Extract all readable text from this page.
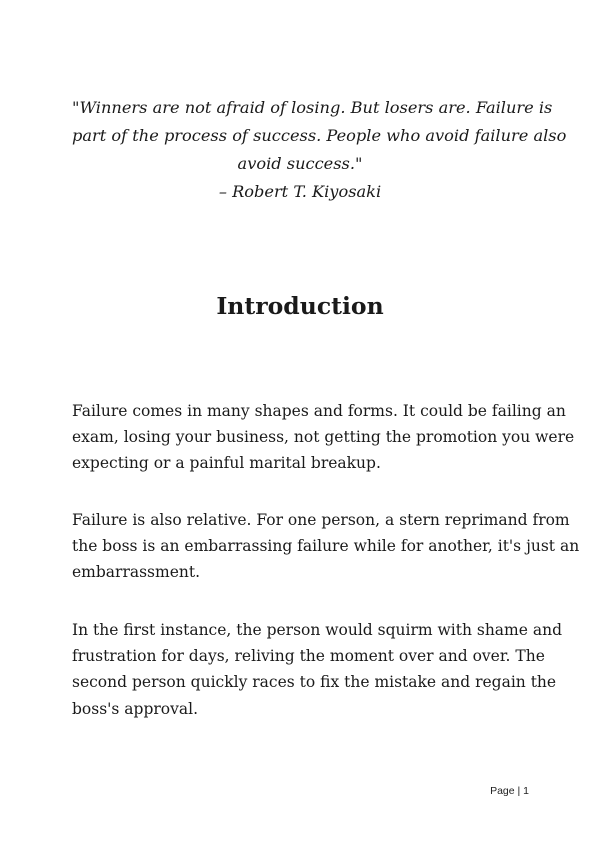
"Winners are not afraid of losing. But losers are. Failure is
part of the process of success. People who avoid failure also
avoid success."
– Robert T. Kiyosaki
Introduction
Failure comes in many shapes and forms. It could be failing an
exam, losing your business, not getting the promotion you were
expecting or a painful marital breakup.
Failure is also relative. For one person, a stern reprimand from
the boss is an embarrassing failure while for another, it's just an
embarrassment.
In the first instance, the person would squirm with shame and
frustration for days, reliving the moment over and over. The
second person quickly races to fix the mistake and regain the
boss's approval.
Page | 1
